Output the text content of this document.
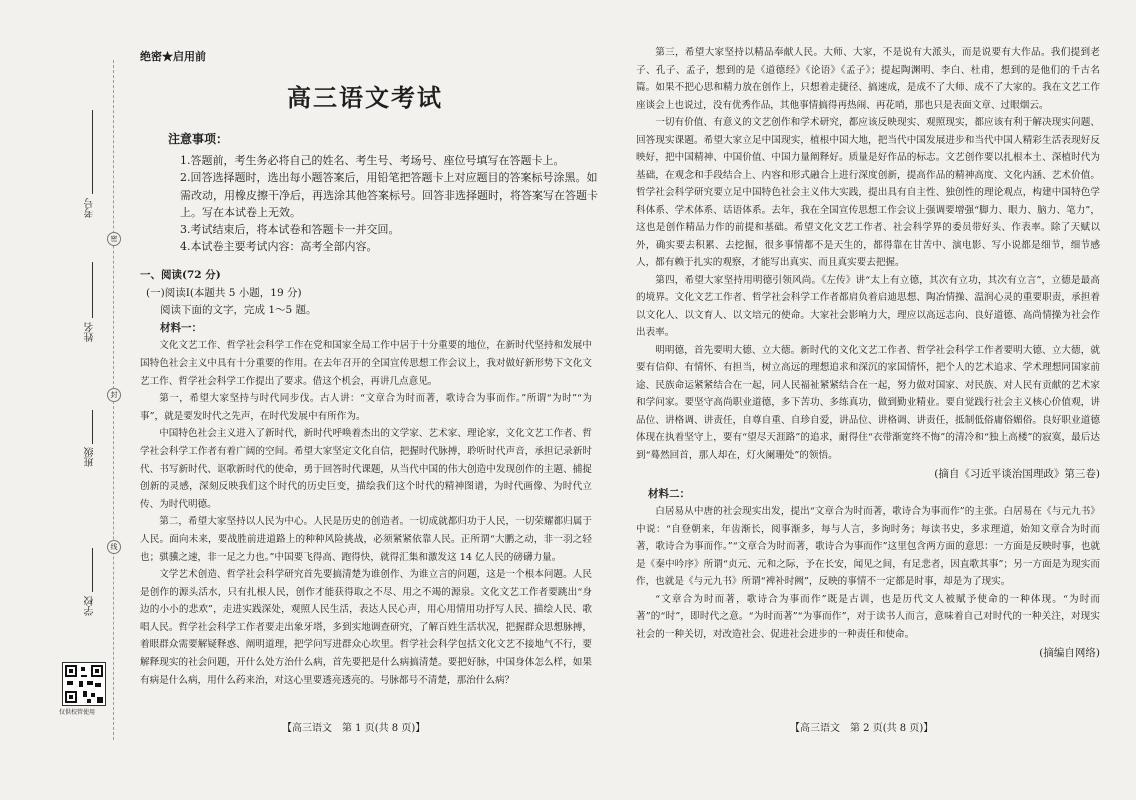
密
封
线
考号
姓名
班级
学校
仅供校管使用
绝密★启用前
高三语文考试

注意事项：

1.答题前，考生务必将自己的姓名、考生号、考场号、座位号填写在答题卡上。

2.回答选择题时，选出每小题答案后，用铅笔把答题卡上对应题目的答案标号涂黑。如需改动，用橡皮擦干净后，再选涂其他答案标号。回答非选择题时，将答案写在答题卡上。写在本试卷上无效。

3.考试结束后，将本试卷和答题卡一并交回。

4.本试卷主要考试内容：高考全部内容。

一、阅读(72 分)

(一)阅读Ⅰ(本题共 5 小题，19 分)

阅读下面的文字，完成 1～5 题。

材料一：

文化文艺工作、哲学社会科学工作在党和国家全局工作中居于十分重要的地位，在新时代坚持和发展中国特色社会主义中具有十分重要的作用。在去年召开的全国宣传思想工作会议上，我对做好新形势下文化文艺工作、哲学社会科学工作提出了要求。借这个机会，再讲几点意见。

第一，希望大家坚持与时代同步伐。古人讲：“文章合为时而著，歌诗合为事而作。”所谓“为时”“为事”，就是要发时代之先声，在时代发展中有所作为。

中国特色社会主义进入了新时代，新时代呼唤着杰出的文学家、艺术家、理论家，文化文艺工作者、哲学社会科学工作者有着广阔的空间。希望大家坚定文化自信，把握时代脉搏，聆听时代声音，承担记录新时代、书写新时代、讴歌新时代的使命，勇于回答时代课题，从当代中国的伟大创造中发现创作的主题、捕捉创新的灵感，深刻反映我们这个时代的历史巨变，描绘我们这个时代的精神图谱，为时代画像、为时代立传、为时代明德。

第二，希望大家坚持以人民为中心。人民是历史的创造者。一切成就都归功于人民，一切荣耀都归属于人民。面向未来，要战胜前进道路上的种种风险挑战，必须紧紧依靠人民。正所谓“大鹏之动，非一羽之轻也；骐骥之速，非一足之力也。”中国要飞得高、跑得快，就得汇集和激发这 14 亿人民的磅礴力量。

文学艺术创造、哲学社会科学研究首先要搞清楚为谁创作、为谁立言的问题，这是一个根本问题。人民是创作的源头活水，只有扎根人民，创作才能获得取之不尽、用之不竭的源泉。文化文艺工作者要跳出“身边的小小的悲欢”，走进实践深处，观照人民生活，表达人民心声，用心用情用功抒写人民、描绘人民、歌唱人民。哲学社会科学工作者要走出象牙塔，多到实地调查研究，了解百姓生活状况，把握群众思想脉搏，着眼群众需要解疑释惑、阐明道理，把学问写进群众心坎里。哲学社会科学包括文化文艺不接地气不行，要解释现实的社会问题，开什么处方治什么病，首先要把是什么病搞清楚。要把好脉，中国身体怎么样，如果有病是什么病，用什么药来治，对这心里要透亮透亮的。号脉都号不清楚，那治什么病？

【高三语文　第 1 页(共 8 页)】

第三，希望大家坚持以精品奉献人民。大师、大家，不是说有大派头，而是说要有大作品。我们提到老子、孔子、孟子，想到的是《道德经》《论语》《孟子》；提起陶渊明、李白、杜甫，想到的是他们的千古名篇。如果不把心思和精力放在创作上，只想着走捷径、搞速成，是成不了大师、成不了大家的。我在文艺工作座谈会上也说过，没有优秀作品，其他事情搞得再热闹、再花哨，那也只是表面文章、过眼烟云。

一切有价值、有意义的文艺创作和学术研究，都应该反映现实、观照现实，都应该有利于解决现实问题、回答现实课题。希望大家立足中国现实，植根中国大地，把当代中国发展进步和当代中国人精彩生活表现好反映好，把中国精神、中国价值、中国力量阐释好。质量是好作品的标志。文艺创作要以扎根本土、深植时代为基础，在观念和手段结合上、内容和形式融合上进行深度创新，提高作品的精神高度、文化内涵、艺术价值。哲学社会科学研究要立足中国特色社会主义伟大实践，提出具有自主性、独创性的理论观点，构建中国特色学科体系、学术体系、话语体系。去年，我在全国宣传思想工作会议上强调要增强“脚力、眼力、脑力、笔力”，这也是创作精品力作的前提和基础。希望文化文艺工作者、社会科学界的委员带好头、作表率。除了天赋以外，确实要去积累、去挖掘，很多事情都不是天生的，都得靠在甘苦中、演电影、写小说都是细节，细节感人，都有赖于扎实的观察，才能写出真实、而且真实要去把握。

第四，希望大家坚持用明德引领风尚。《左传》讲“太上有立德，其次有立功，其次有立言”，立德是最高的境界。文化文艺工作者、哲学社会科学工作者都肩负着启迪思想、陶冶情操、温润心灵的重要职责，承担着以文化人、以文育人、以文培元的使命。大家社会影响力大，理应以高远志向、良好道德、高尚情操为社会作出表率。

明明德，首先要明大德、立大德。新时代的文化文艺工作者、哲学社会科学工作者要明大德、立大德，就要有信仰、有情怀、有担当，树立高远的理想追求和深沉的家国情怀，把个人的艺术追求、学术理想同国家前途、民族命运紧紧结合在一起，同人民福祉紧紧结合在一起，努力做对国家、对民族、对人民有贡献的艺术家和学问家。要坚守高尚职业道德，多下苦功、多练真功，做到勤业精业。要自觉践行社会主义核心价值观，讲品位、讲格调、讲责任，自尊自重、自珍自爱，讲品位、讲格调、讲责任，抵制低俗庸俗媚俗。良好职业道德体现在执着坚守上，要有“望尽天涯路”的追求，耐得住“衣带渐宽终不悔”的清冷和“独上高楼”的寂寞，最后达到“蓦然回首，那人却在，灯火阑珊处”的领悟。

(摘自《习近平谈治国理政》第三卷)

材料二：

白居易从中唐的社会现实出发，提出“文章合为时而著，歌诗合为事而作”的主张。白居易在《与元九书》中说：“自登朝来，年齿渐长，阅事渐多，每与人言，多询时务；每读书史，多求理道，始知文章合为时而著，歌诗合为事而作。”“文章合为时而著，歌诗合为事而作”这里包含两方面的意思：一方面是反映时事，也就是《秦中吟序》所谓“贞元、元和之际，予在长安，闻见之间，有足悲者，因直歌其事”；另一方面是为现实而作，也就是《与元九书》所谓“裨补时阙”，反映的事情不一定都是时事，却是为了现实。

“文章合为时而著，歌诗合为事而作”既是古训，也是历代文人被赋予使命的一种体现。“为时而著”的“时”，即时代之意。“为时而著”“为事而作”，对于读书人而言，意味着自己对时代的一种关注，对现实社会的一种关切，对改造社会、促进社会进步的一种责任和使命。

(摘编自网络)

【高三语文　第 2 页(共 8 页)】
